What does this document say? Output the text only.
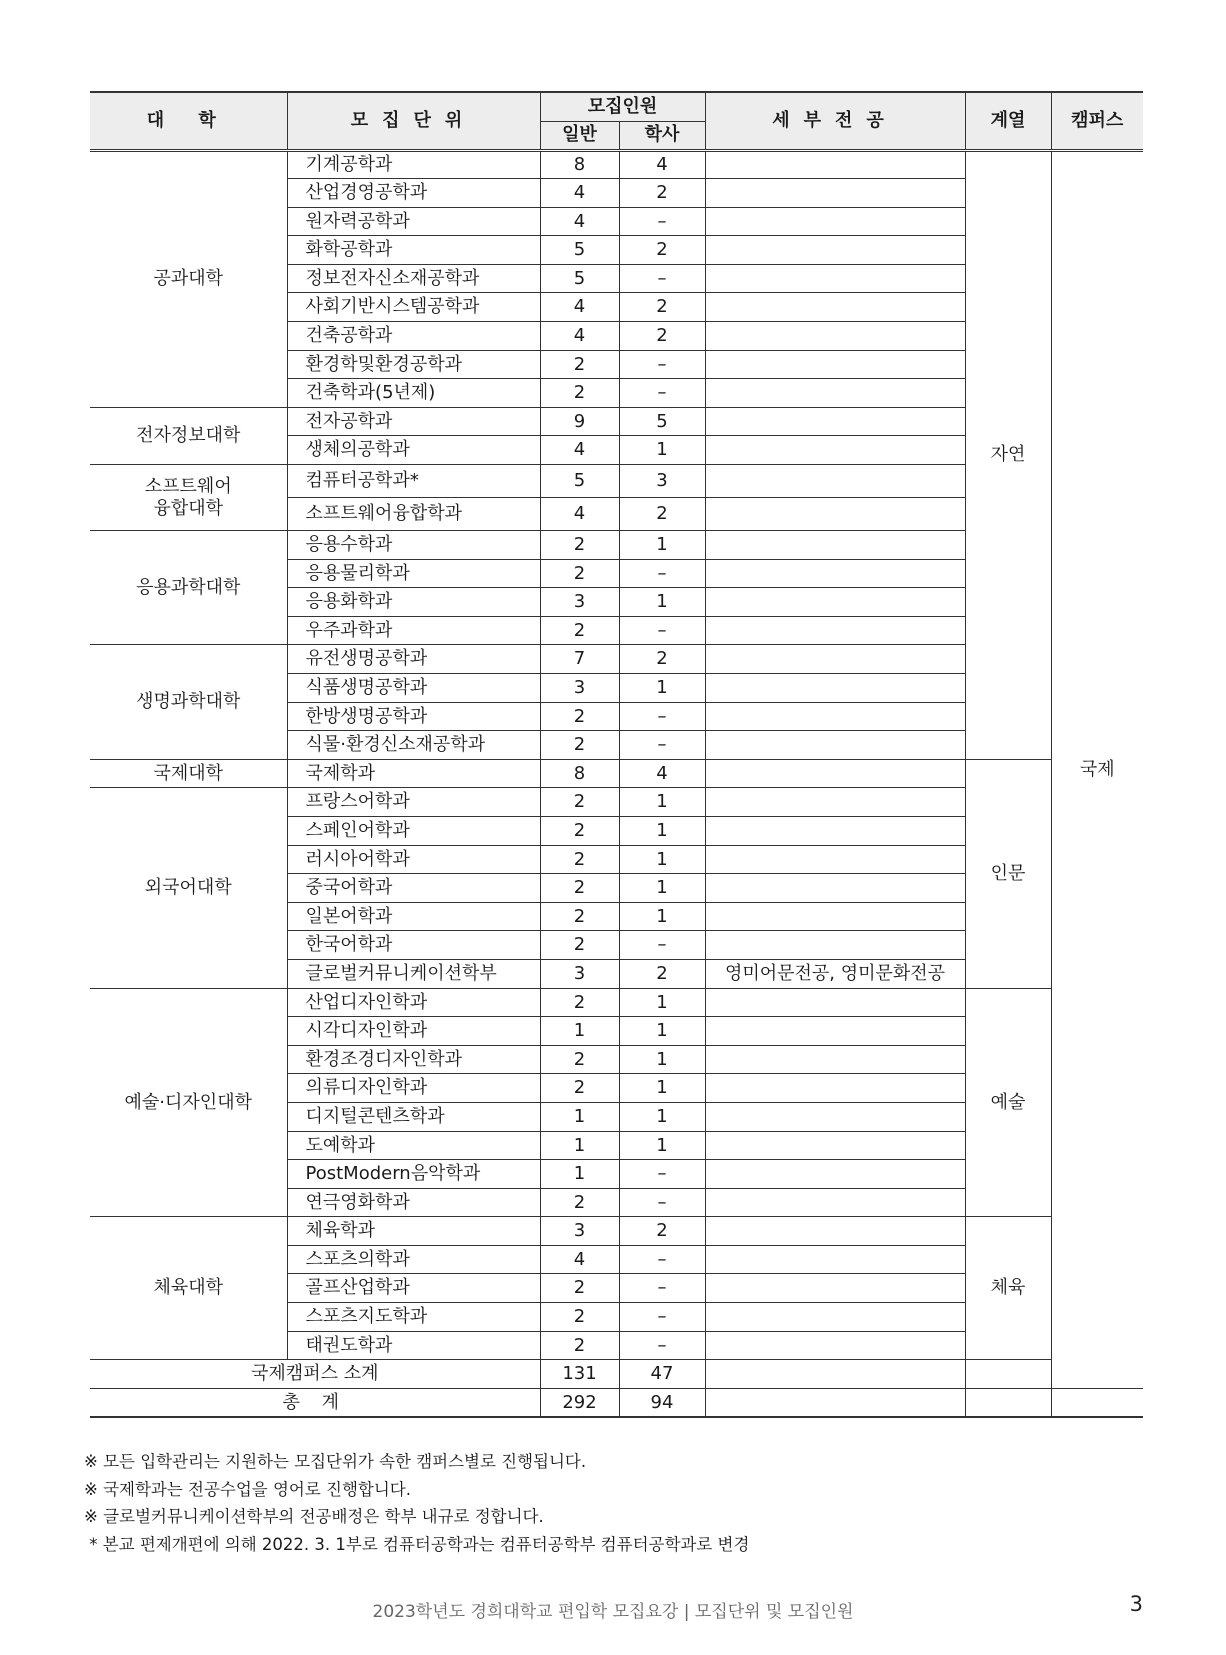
대 학	모집단위	모집인원		세부전공	계열	캠퍼스
		일반	학사			
공과대학	기계공학과	8	4		자연	국제
	산업경영공학과	4	2			
	원자력공학과	4	–			
	화학공학과	5	2			
	정보전자신소재공학과	5	–			
	사회기반시스템공학과	4	2			
	건축공학과	4	2			
	환경학및환경공학과	2	–			
	건축학과(5년제)	2	–			
전자정보대학	전자공학과	9	5			
	생체의공학과	4	1			
소프트웨어
융합대학	컴퓨터공학과*	5	3			
	소프트웨어융합학과	4	2			
응용과학대학	응용수학과	2	1			
	응용물리학과	2	–			
	응용화학과	3	1			
	우주과학과	2	–			
생명과학대학	유전생명공학과	7	2			
	식품생명공학과	3	1			
	한방생명공학과	2	–			
	식물·환경신소재공학과	2	–			
국제대학	국제학과	8	4		인문	
외국어대학	프랑스어학과	2	1			
	스페인어학과	2	1			
	러시아어학과	2	1			
	중국어학과	2	1			
	일본어학과	2	1			
	한국어학과	2	–			
	글로벌커뮤니케이션학부	3	2	영미어문전공, 영미문화전공		
예술·디자인대학	산업디자인학과	2	1		예술	
	시각디자인학과	1	1			
	환경조경디자인학과	2	1			
	의류디자인학과	2	1			
	디지털콘텐츠학과	1	1			
	도예학과	1	1			
	PostModern음악학과	1	–			
	연극영화학과	2	–			
체육대학	체육학과	3	2		체육	
	스포츠의학과	4	–			
	골프산업학과	2	–			
	스포츠지도학과	2	–			
	태권도학과	2	–			
국제캠퍼스 소계		131	47			
총 계		292	94			
※ 모든 입학관리는 지원하는 모집단위가 속한 캠퍼스별로 진행됩니다.
※ 국제학과는 전공수업을 영어로 진행합니다.
※ 글로벌커뮤니케이션학부의 전공배정은 학부 내규로 정합니다.
* 본교 편제개편에 의해 2022. 3. 1부로 컴퓨터공학과는 컴퓨터공학부 컴퓨터공학과로 변경
2023학년도 경희대학교 편입학 모집요강 | 모집단위 및 모집인원	3
